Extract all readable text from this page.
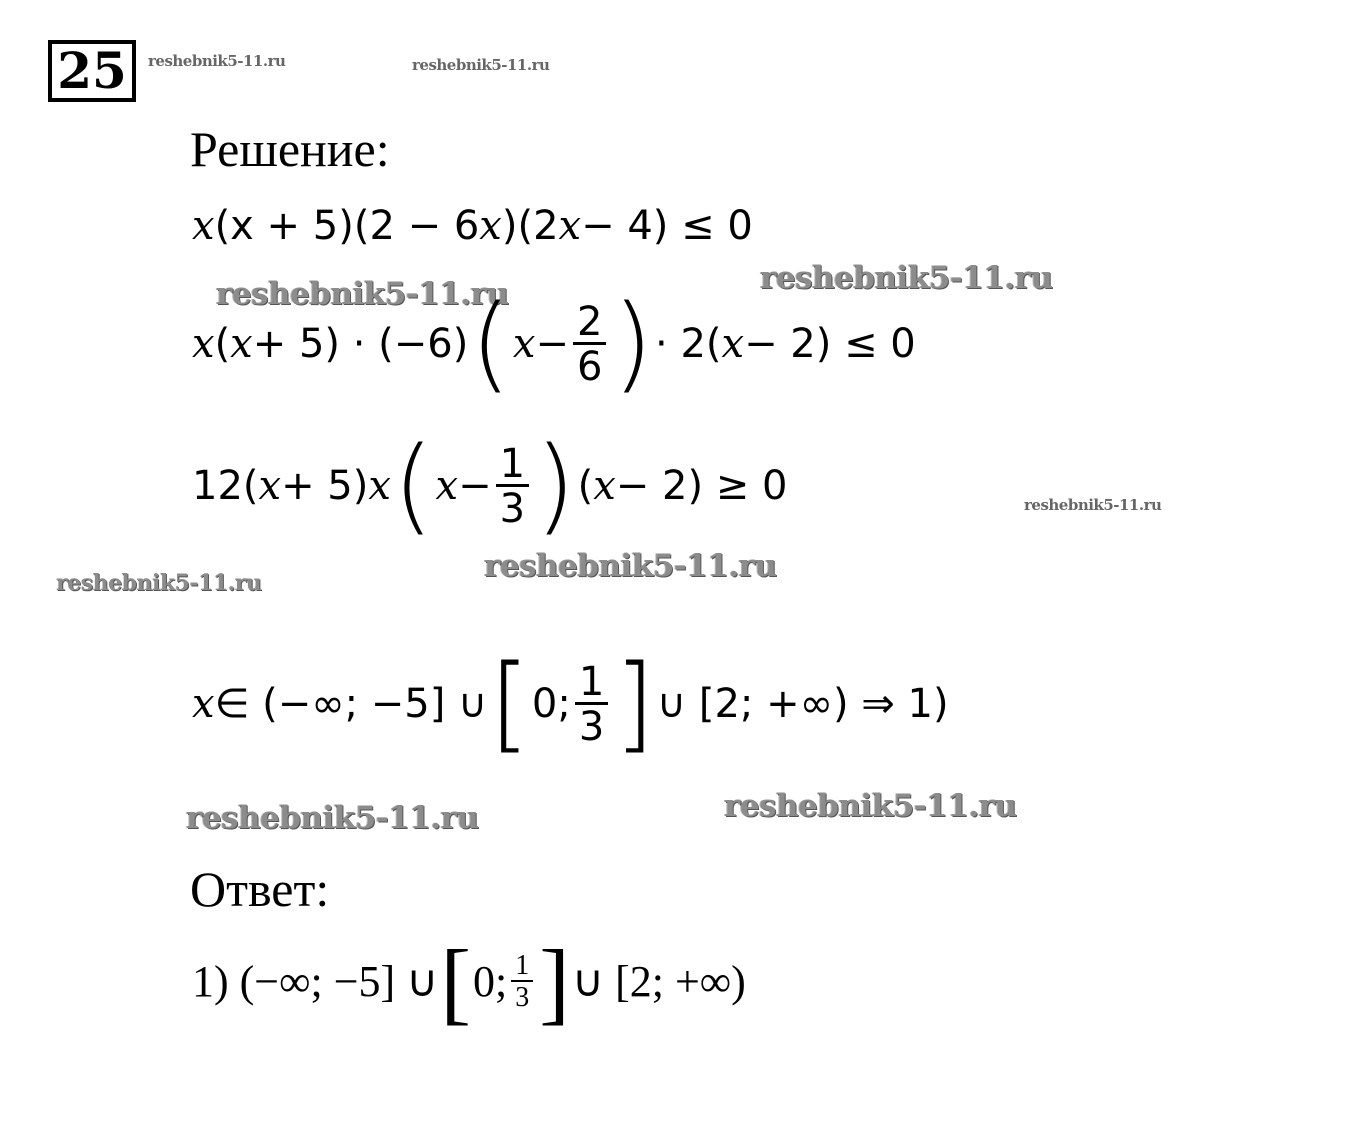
25	reshebnik5-11.ru	reshebnik5-11.ru
reshebnik5-11.ru	reshebnik5-11.ru
reshebnik5-11.ru
reshebnik5-11.ru
reshebnik5-11.ru
reshebnik5-11.ru	reshebnik5-11.ru
Решение:
x (x + 5)(2 − 6 x )(2 x − 4) ≤ 0
x ( x + 5) · (−6) ( $x - \frac{2}{6}$ ) · 2( x − 2) ≤ 0
12( x + 5) x ( $x - \frac{1}{3}$ ) ( x − 2) ≥ 0
x ∈ (−∞; −5] ∪ [ 0; $\frac{1}{3}$ ] ∪ [2; +∞) ⇒ 1)
Ответ:
1) (−∞; −5] ∪ [ 0; $\frac{1}{3}$ ] ∪ [2; +∞)
